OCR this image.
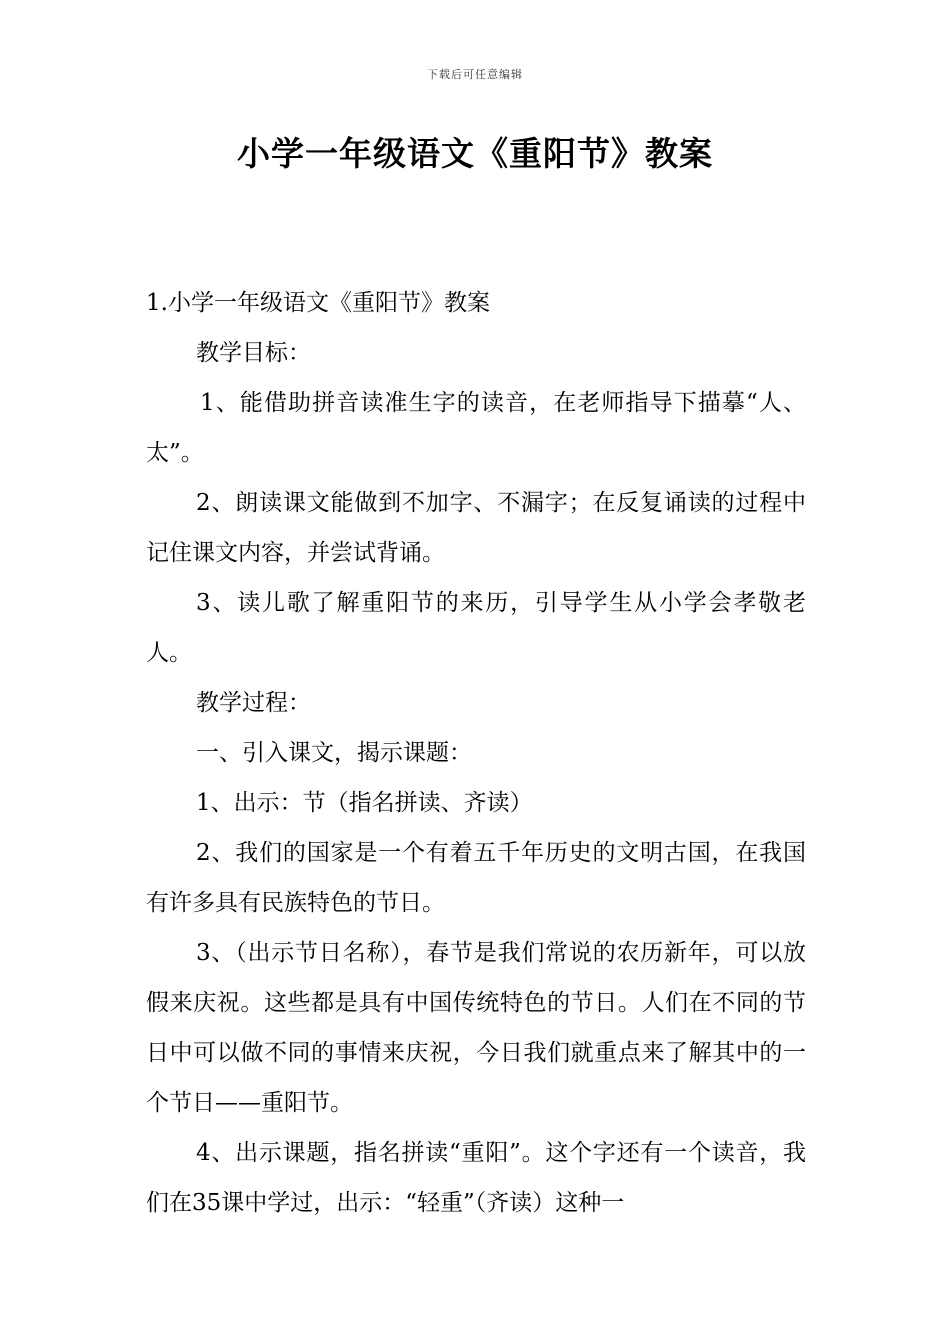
下载后可任意编辑
小学一年级语文《重阳节》教案

1.小学一年级语文《重阳节》教案

教学目标：

1、能借助拼音读准生字的读音，在老师指导下描摹“人、太”。

2、朗读课文能做到不加字、不漏字；在反复诵读的过程中记住课文内容，并尝试背诵。

3、读儿歌了解重阳节的来历，引导学生从小学会孝敬老人。

教学过程：

一、引入课文，揭示课题：

1、出示：节（指名拼读、齐读）

2、我们的国家是一个有着五千年历史的文明古国，在我国有许多具有民族特色的节日。

3、（出示节日名称），春节是我们常说的农历新年，可以放假来庆祝。这些都是具有中国传统特色的节日。人们在不同的节日中可以做不同的事情来庆祝，今日我们就重点来了解其中的一个节日——重阳节。

4、出示课题，指名拼读“重阳”。这个字还有一个读音，我们在35课中学过，出示：“轻重”（齐读）这种一
